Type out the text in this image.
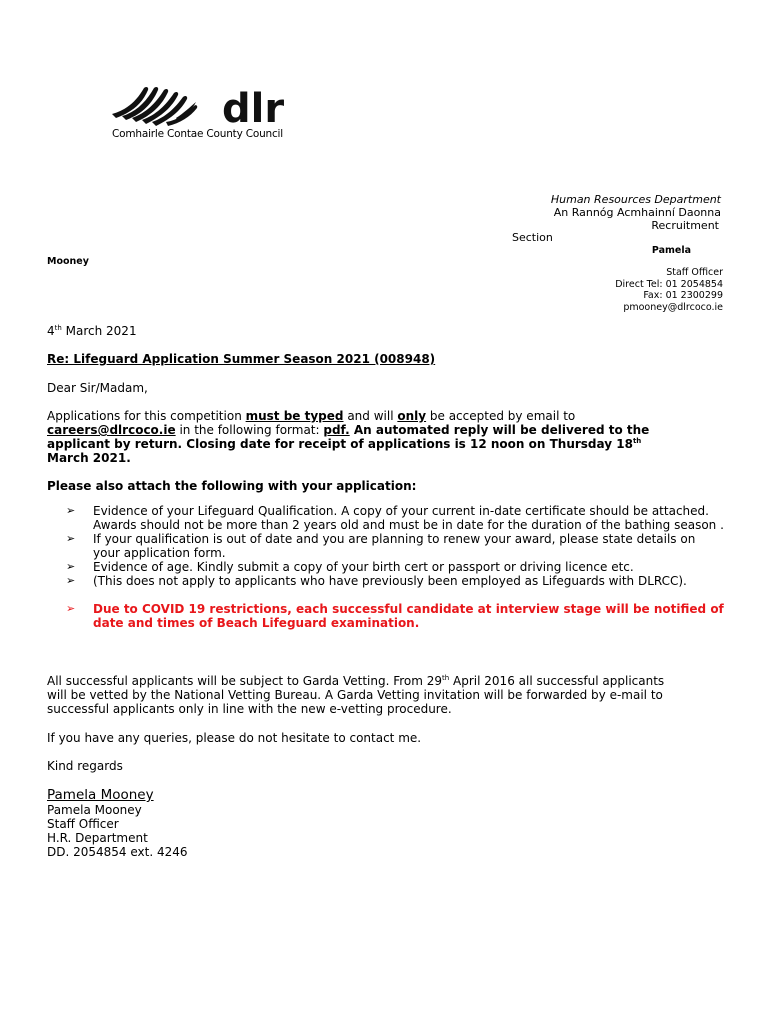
dlr
Comhairle Contae County Council
Human Resources Department
An Rannóg Acmhainní Daonna
Recruitment
Section
Pamela
Mooney
Staff Officer
Direct Tel: 01 2054854
Fax: 01 2300299
pmooney@dlrcoco.ie
4th March 2021
Re: Lifeguard Application Summer Season 2021 (008948)
Dear Sir/Madam,
Applications for this competition must be typed and will only be accepted by email to
careers@dlrcoco.ie in the following format: pdf. An automated reply will be delivered to the
applicant by return. Closing date for receipt of applications is 12 noon on Thursday 18th
March 2021.
Please also attach the following with your application:
➢ Evidence of your Lifeguard Qualification. A copy of your current in-date certificate should be attached. Awards should not be more than 2 years old and must be in date for the duration of the bathing season .
➢ If your qualification is out of date and you are planning to renew your award, please state details on your application form.
➢ Evidence of age. Kindly submit a copy of your birth cert or passport or driving licence etc.
➢ (This does not apply to applicants who have previously been employed as Lifeguards with DLRCC).
➢ Due to COVID 19 restrictions, each successful candidate at interview stage will be notified of date and times of Beach Lifeguard examination.
All successful applicants will be subject to Garda Vetting. From 29th April 2016 all successful applicants
will be vetted by the National Vetting Bureau. A Garda Vetting invitation will be forwarded by e-mail to
successful applicants only in line with the new e-vetting procedure.
If you have any queries, please do not hesitate to contact me.
Kind regards
Pamela Mooney
Pamela Mooney
Staff Officer
H.R. Department
DD. 2054854 ext. 4246
